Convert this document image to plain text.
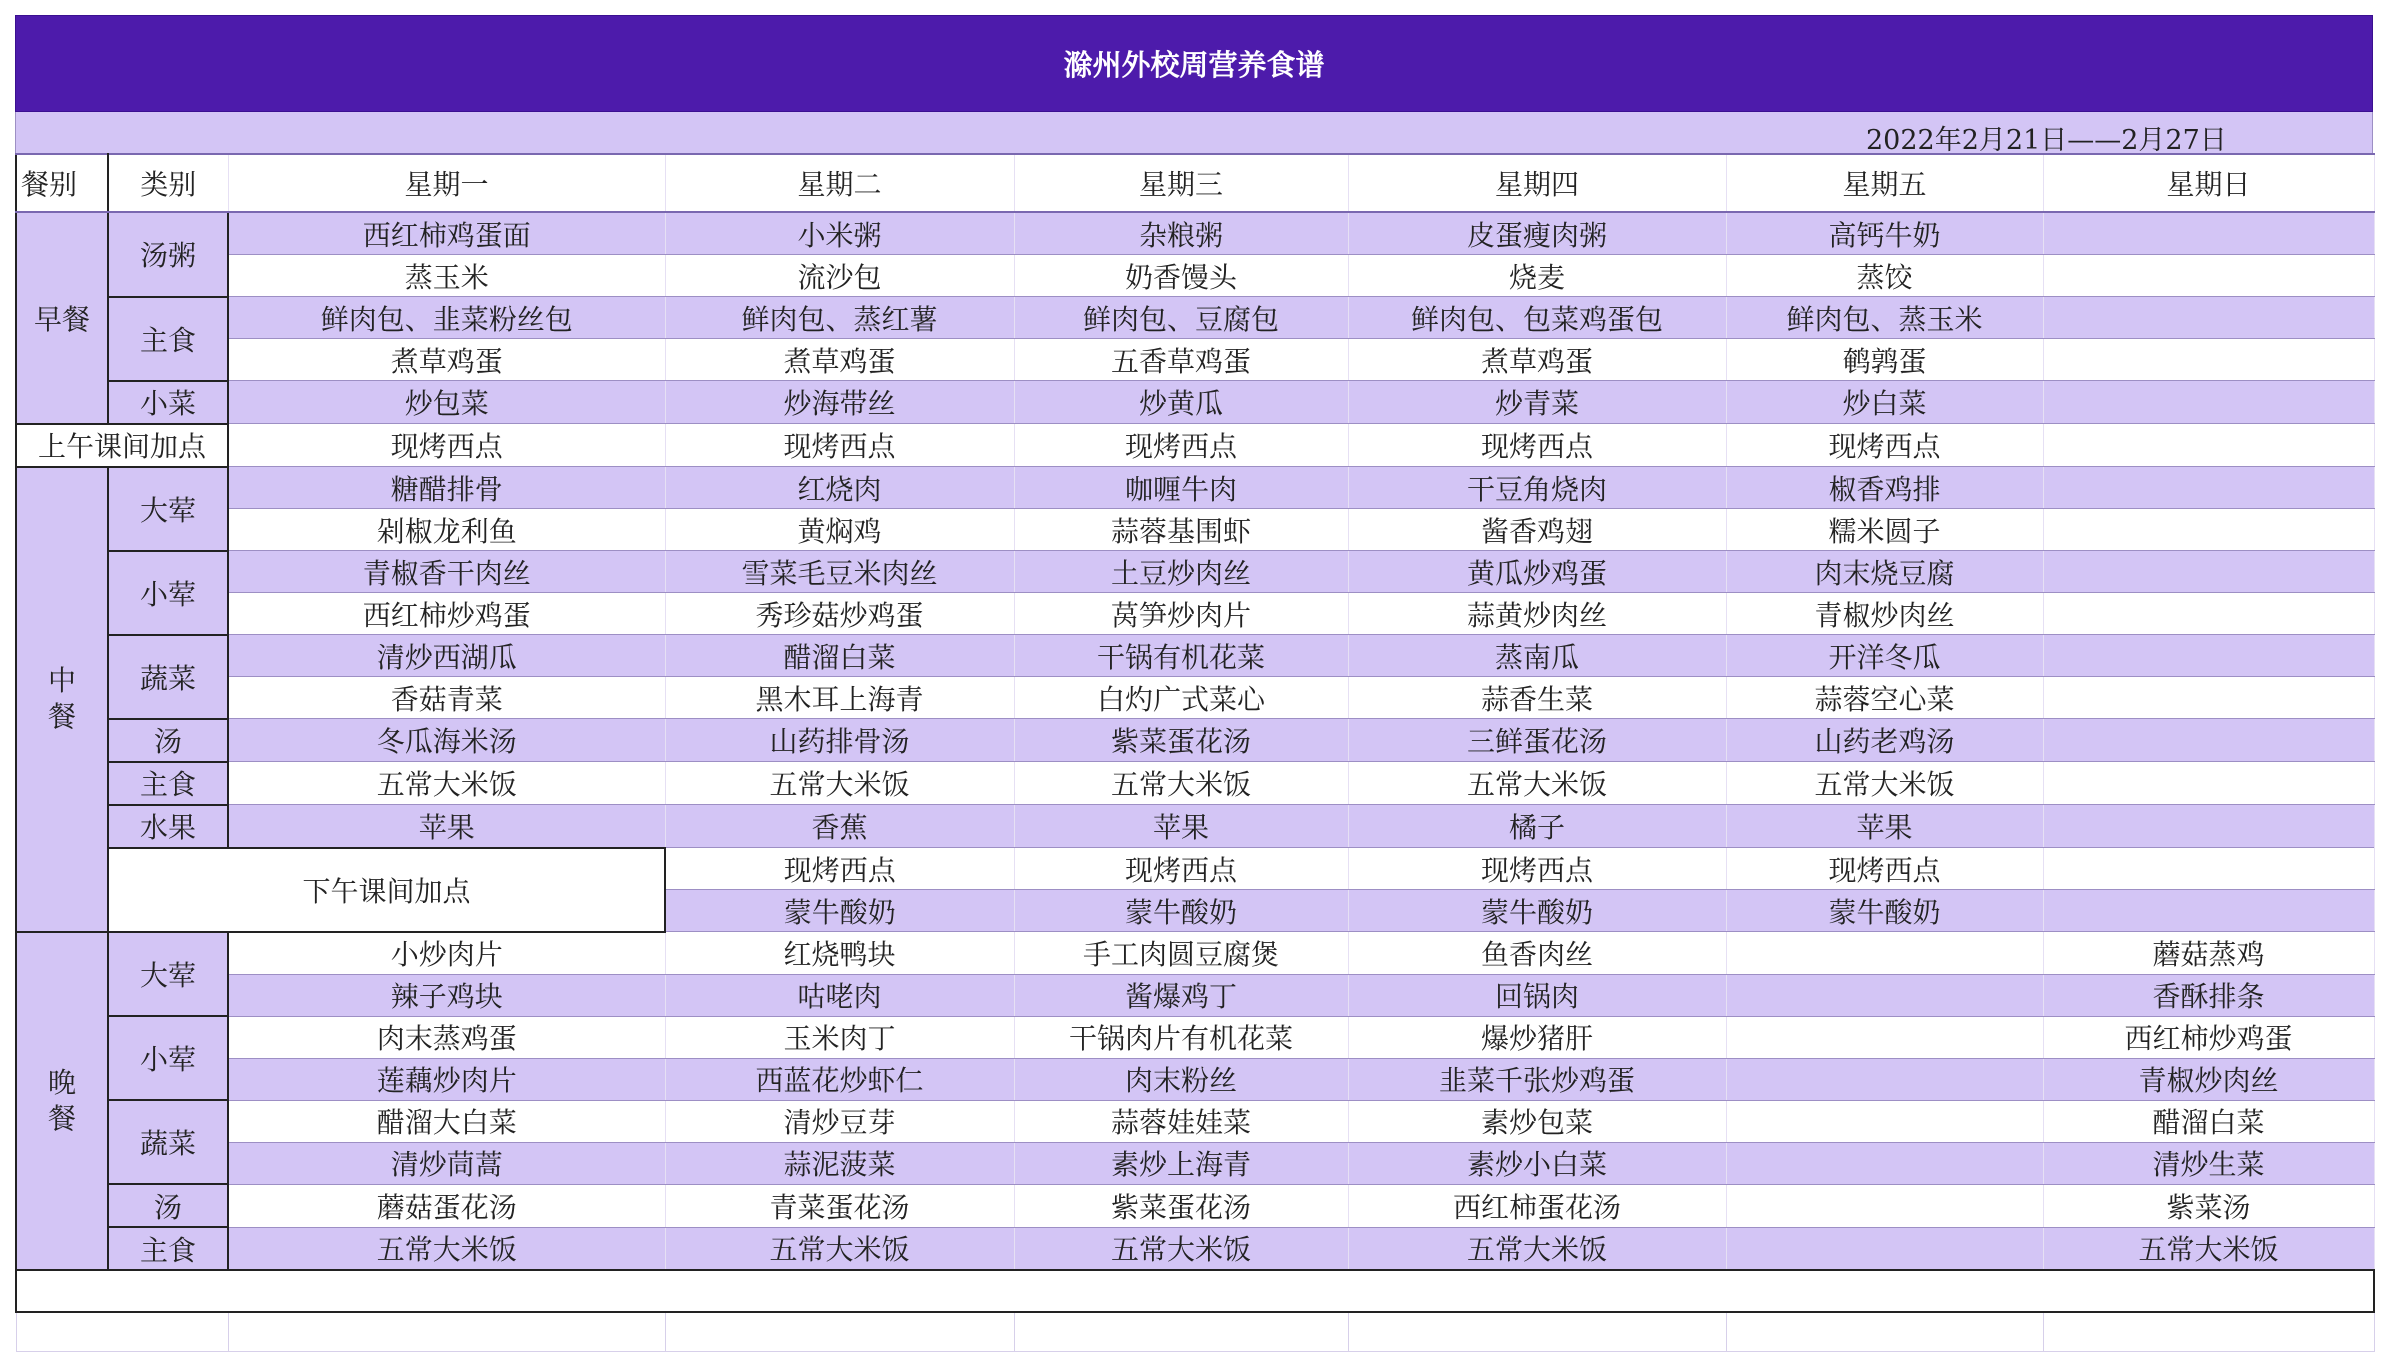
滁州外校周营养食谱
2022年2月21日——2月27日
餐别	类别	星期一	星期二	星期三	星期四	星期五	星期日	
早餐	汤粥	西红柿鸡蛋面	小米粥	杂粮粥	皮蛋瘦肉粥	高钙牛奶		
		蒸玉米	流沙包	奶香馒头	烧麦	蒸饺		
	主食	鲜肉包、韭菜粉丝包	鲜肉包、蒸红薯	鲜肉包、豆腐包	鲜肉包、包菜鸡蛋包	鲜肉包、蒸玉米		
		煮草鸡蛋	煮草鸡蛋	五香草鸡蛋	煮草鸡蛋	鹌鹑蛋		
	小菜	炒包菜	炒海带丝	炒黄瓜	炒青菜	炒白菜		
上午课间加点		现烤西点	现烤西点	现烤西点	现烤西点	现烤西点		
中
餐	大荤	糖醋排骨	红烧肉	咖喱牛肉	干豆角烧肉	椒香鸡排		
		剁椒龙利鱼	黄焖鸡	蒜蓉基围虾	酱香鸡翅	糯米圆子		
	小荤	青椒香干肉丝	雪菜毛豆米肉丝	土豆炒肉丝	黄瓜炒鸡蛋	肉末烧豆腐		
		西红柿炒鸡蛋	秀珍菇炒鸡蛋	莴笋炒肉片	蒜黄炒肉丝	青椒炒肉丝		
	蔬菜	清炒西湖瓜	醋溜白菜	干锅有机花菜	蒸南瓜	开洋冬瓜		
		香菇青菜	黑木耳上海青	白灼广式菜心	蒜香生菜	蒜蓉空心菜		
	汤	冬瓜海米汤	山药排骨汤	紫菜蛋花汤	三鲜蛋花汤	山药老鸡汤		
	主食	五常大米饭	五常大米饭	五常大米饭	五常大米饭	五常大米饭		
	水果	苹果	香蕉	苹果	橘子	苹果		
	下午课间加点		现烤西点	现烤西点	现烤西点	现烤西点		
			蒙牛酸奶	蒙牛酸奶	蒙牛酸奶	蒙牛酸奶		
晚
餐	大荤	小炒肉片	红烧鸭块	手工肉圆豆腐煲	鱼香肉丝		蘑菇蒸鸡	
		辣子鸡块	咕咾肉	酱爆鸡丁	回锅肉		香酥排条	
	小荤	肉末蒸鸡蛋	玉米肉丁	干锅肉片有机花菜	爆炒猪肝		西红柿炒鸡蛋	
		莲藕炒肉片	西蓝花炒虾仁	肉末粉丝	韭菜千张炒鸡蛋		青椒炒肉丝	
	蔬菜	醋溜大白菜	清炒豆芽	蒜蓉娃娃菜	素炒包菜		醋溜白菜	
		清炒茼蒿	蒜泥菠菜	素炒上海青	素炒小白菜		清炒生菜	
	汤	蘑菇蛋花汤	青菜蛋花汤	紫菜蛋花汤	西红柿蛋花汤		紫菜汤	
	主食	五常大米饭	五常大米饭	五常大米饭	五常大米饭		五常大米饭	
